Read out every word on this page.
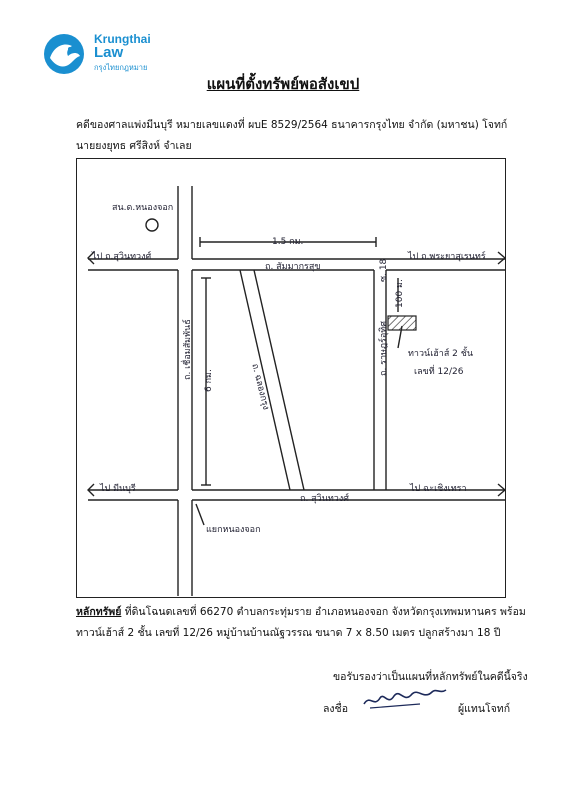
Krungthai
Law
กรุงไทยกฎหมาย
แผนที่ตั้งทรัพย์พอสังเขป
คดีของศาลแพ่งมีนบุรี หมายเลขแดงที่ ผบE 8529/2564 ธนาคารกรุงไทย จำกัด (มหาชน) โจทก์
นายยงยุทธ ศรีสิงห์ จำเลย
สน.ด.หนองจอก
ไป ถ.สุวินทวงศ์
1.5 กม.
ถ. สัมมากรสุข
ไป ถ.พระยาสุเรนทร์
ซ. 18
100 ม.
ถ. ราษฎร์อุทิศ ทาวน์เฮ้าส์ 2 ชั้น
เลขที่ 12/26
ถ. เชื่อมสัมพันธ์
6 กม.	ถ. ฉลองกรุง
ไป มีนบุรี
ถ. สุวินทวงศ์
ไป ฉะเชิงเทรา
แยกหนองจอก
หลักทรัพย์ ที่ดินโฉนดเลขที่ 66270 ตำบลกระทุ่มราย อำเภอหนองจอก จังหวัดกรุงเทพมหานคร พร้อม
ทาวน์เฮ้าส์ 2 ชั้น เลขที่ 12/26 หมู่บ้านบ้านณัฐวรรณ ขนาด 7 x 8.50 เมตร ปลูกสร้างมา 18 ปี
ขอรับรองว่าเป็นแผนที่หลักทรัพย์ในคดีนี้จริง
ลงชื่อ	ผู้แทนโจทก์
